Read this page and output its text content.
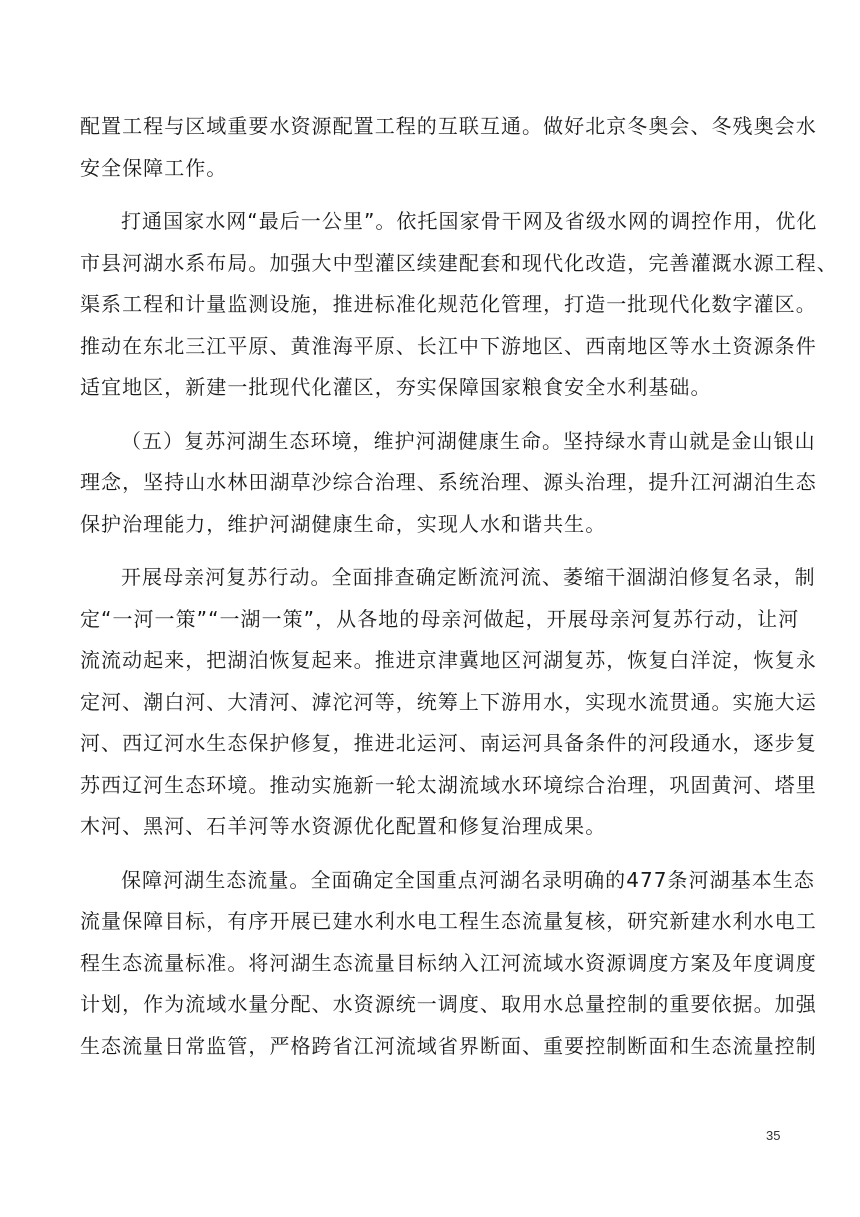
配置工程与区域重要水资源配置工程的互联互通。做好北京冬奥会、冬残奥会水
安全保障工作。

打通国家水网“最后一公里”。依托国家骨干网及省级水网的调控作用，优化
市县河湖水系布局。加强大中型灌区续建配套和现代化改造，完善灌溉水源工程、
渠系工程和计量监测设施，推进标准化规范化管理，打造一批现代化数字灌区。
推动在东北三江平原、黄淮海平原、长江中下游地区、西南地区等水土资源条件
适宜地区，新建一批现代化灌区，夯实保障国家粮食安全水利基础。

（五）复苏河湖生态环境，维护河湖健康生命。坚持绿水青山就是金山银山
理念，坚持山水林田湖草沙综合治理、系统治理、源头治理，提升江河湖泊生态
保护治理能力，维护河湖健康生命，实现人水和谐共生。

开展母亲河复苏行动。全面排查确定断流河流、萎缩干涸湖泊修复名录，制
定“一河一策”“一湖一策”，从各地的母亲河做起，开展母亲河复苏行动，让河
流流动起来，把湖泊恢复起来。推进京津冀地区河湖复苏，恢复白洋淀，恢复永
定河、潮白河、大清河、滹沱河等，统筹上下游用水，实现水流贯通。实施大运
河、西辽河水生态保护修复，推进北运河、南运河具备条件的河段通水，逐步复
苏西辽河生态环境。推动实施新一轮太湖流域水环境综合治理，巩固黄河、塔里
木河、黑河、石羊河等水资源优化配置和修复治理成果。

保障河湖生态流量。全面确定全国重点河湖名录明确的477条河湖基本生态
流量保障目标，有序开展已建水利水电工程生态流量复核，研究新建水利水电工
程生态流量标准。将河湖生态流量目标纳入江河流域水资源调度方案及年度调度
计划，作为流域水量分配、水资源统一调度、取用水总量控制的重要依据。加强
生态流量日常监管，严格跨省江河流域省界断面、重要控制断面和生态流量控制

35
